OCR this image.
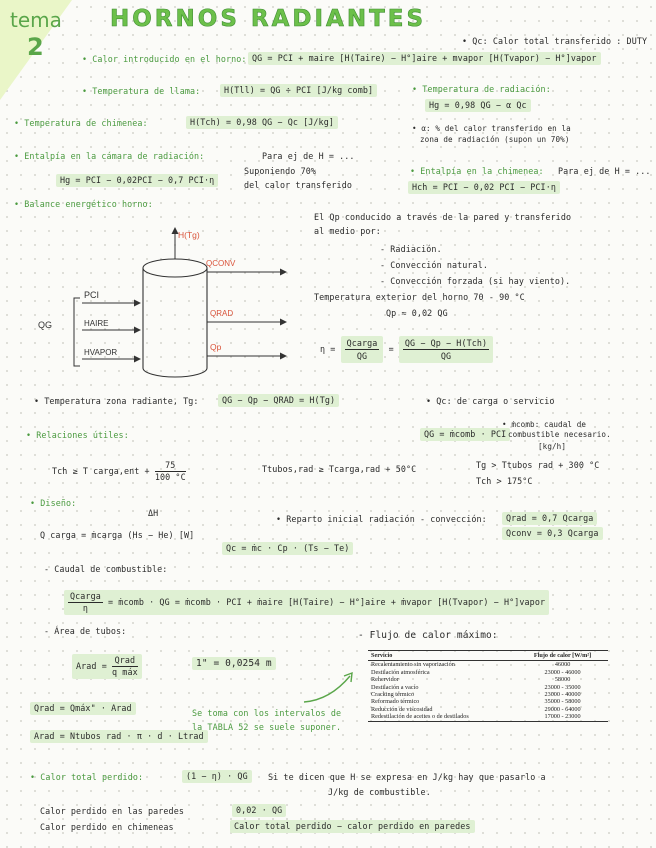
tema
2
HORNOS RADIANTES
• Qc: Calor total transferido : DUTY
• Calor introducido en el horno: QG = PCI + maire [H(Taire) − H°]aire + mvapor [H(Tvapor) − H°]vapor
• Temperatura de llama:	H(Tll) = QG ÷ PCI [J/kg comb]	• Temperatura de radiación:
Hg = 0,98 QG − α Qc
• Temperatura de chimenea:	H(Tch) = 0,98 QG − Qc [J/kg]
• α: % del calor transferido en la
zona de radiación (supon un 70%)
• Entalpía en la cámara de radiación:	Para ej de H = ...
Hg = PCI − 0,02PCI − 0,7 PCI·η
Suponiendo 70%
del calor transferido
• Entalpía en la chimenea: Para ej de H = ...
Hch = PCI − 0,02 PCI − PCI·η
• Balance energético horno:
QG
PCI
HAIRE
HVAPOR
H(Tg)
QCONV
QRAD
Qp
El Qp conducido a través de la pared y transferido
al medio por:
- Radiación.
- Convección natural.
- Convección forzada (si hay viento).
Temperatura exterior del horno 70 - 90 °C
Qp ≈ 0,02 QG
$\eta = \frac{\text{Qcarga}}{QG} = \frac{\text{QG − Qp − H(Tch)}}{QG}$
• Temperatura zona radiante, Tg:	QG − Qp − QRAD = H(Tg)	• Qc: de carga o servicio
• Relaciones útiles:	QG = ṁcomb · PCI
• ṁcomb: caudal de
combustible necesario.
[kg/h]
Tch ≥ T carga,ent + $\frac{75}{100 ^\circ C}$	Ttubos,rad ≥ Tcarga,rad + 50°C	Tg > Ttubos rad + 300 °C
Tch > 175°C
• Diseño:
ΔH
Q carga = ṁcarga (Hs − He) [W]
• Reparto inicial radiación - convección:	Qrad = 0,7 Qcarga
Qconv = 0,3 Qcarga
Qc = ṁc · Cp · (Ts − Te)
- Caudal de combustible:
$\frac{\text{Qcarga}}{\eta}$ = ṁcomb · QG = ṁcomb · PCI + ṁaire [H(Taire) − H°]aire + ṁvapor [H(Tvapor) − H°]vapor
- Área de tubos:	- Flujo de calor máximo:
Arad = $\frac{\text{Qrad}}{\text{q máx}}$	1" = 0,0254 m
Servicio	Flujo de calor [W/m²]
Recalentamiento sin vaporización	46000
Destilación atmosférica	23000 - 46000
Rehervidor	58000
Destilación a vacío	23000 - 35000
Cracking térmico	23000 - 40000
Reformado térmico	35000 - 58000
Reducción de viscosidad	29000 - 64000
Redestilación de aceites o de destilados	17000 - 23000
Qrad = Qmáx" · Arad
Arad = Ntubos rad · π · d · Ltrad
Se toma con los intervalos de
la TABLA 52 se suele suponer.
• Calor total perdido:	(1 − η) · QG	Si te dicen que H se expresa en J/kg hay que pasarlo a
J/kg de combustible.
Calor perdido en las paredes	0,02 · QG
Calor perdido en chimeneas	Calor total perdido − calor perdido en paredes
